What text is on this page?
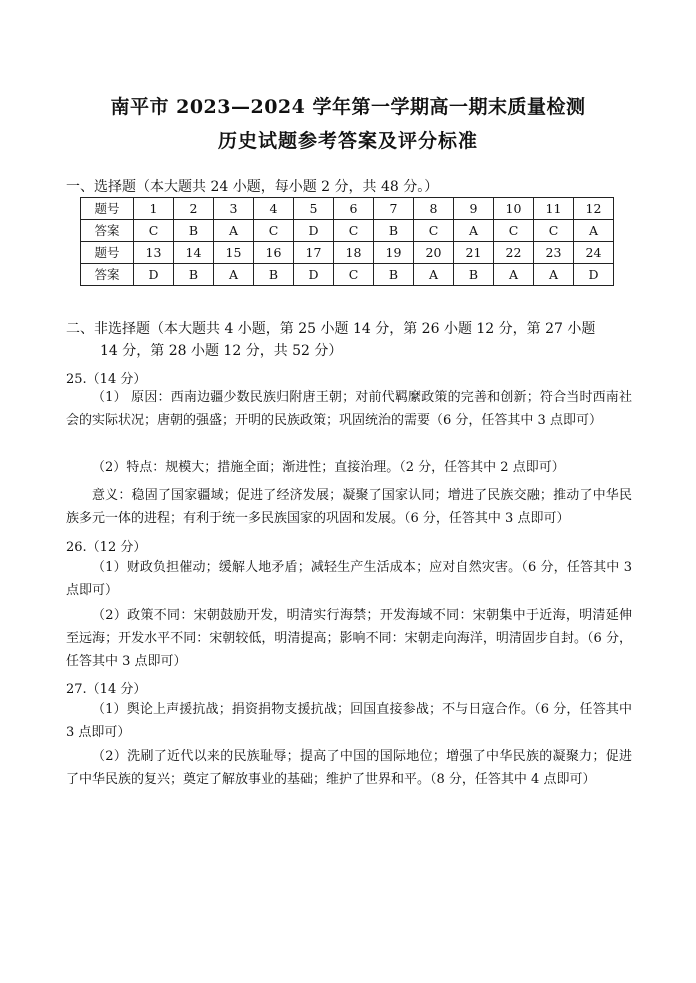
南平市 2023—2024 学年第一学期高一期末质量检测
历史试题参考答案及评分标准
一、选择题（本大题共 24 小题，每小题 2 分，共 48 分。）
题号	1	2	3	4	5	6	7	8	9	10	11	12
答案	C	B	A	C	D	C	B	C	A	C	C	A
题号	13	14	15	16	17	18	19	20	21	22	23	24
答案	D	B	A	B	D	C	B	A	B	A	A	D
二、非选择题（本大题共 4 小题，第 25 小题 14 分，第 26 小题 12 分，第 27 小题
14 分，第 28 小题 12 分，共 52 分）
25.（14 分）
（1） 原因：西南边疆少数民族归附唐王朝；对前代羁縻政策的完善和创新；符合当时西南社会的实际状况；唐朝的强盛；开明的民族政策；巩固统治的需要（6 分，任答其中 3 点即可）
（2）特点：规模大；措施全面；渐进性；直接治理。（2 分，任答其中 2 点即可）
意义：稳固了国家疆域；促进了经济发展；凝聚了国家认同；增进了民族交融；推动了中华民族多元一体的进程；有利于统一多民族国家的巩固和发展。（6 分，任答其中 3 点即可）
26.（12 分）
（1）财政负担催动；缓解人地矛盾；减轻生产生活成本；应对自然灾害。（6 分，任答其中 3 点即可）
（2）政策不同：宋朝鼓励开发，明清实行海禁；开发海域不同：宋朝集中于近海，明清延伸至远海；开发水平不同：宋朝较低，明清提高；影响不同：宋朝走向海洋，明清固步自封。（6 分，任答其中 3 点即可）
27.（14 分）
（1）舆论上声援抗战；捐资捐物支援抗战；回国直接参战；不与日寇合作。（6 分，任答其中 3 点即可）
（2）洗刷了近代以来的民族耻辱；提高了中国的国际地位；增强了中华民族的凝聚力；促进了中华民族的复兴；奠定了解放事业的基础；维护了世界和平。（8 分，任答其中 4 点即可）
